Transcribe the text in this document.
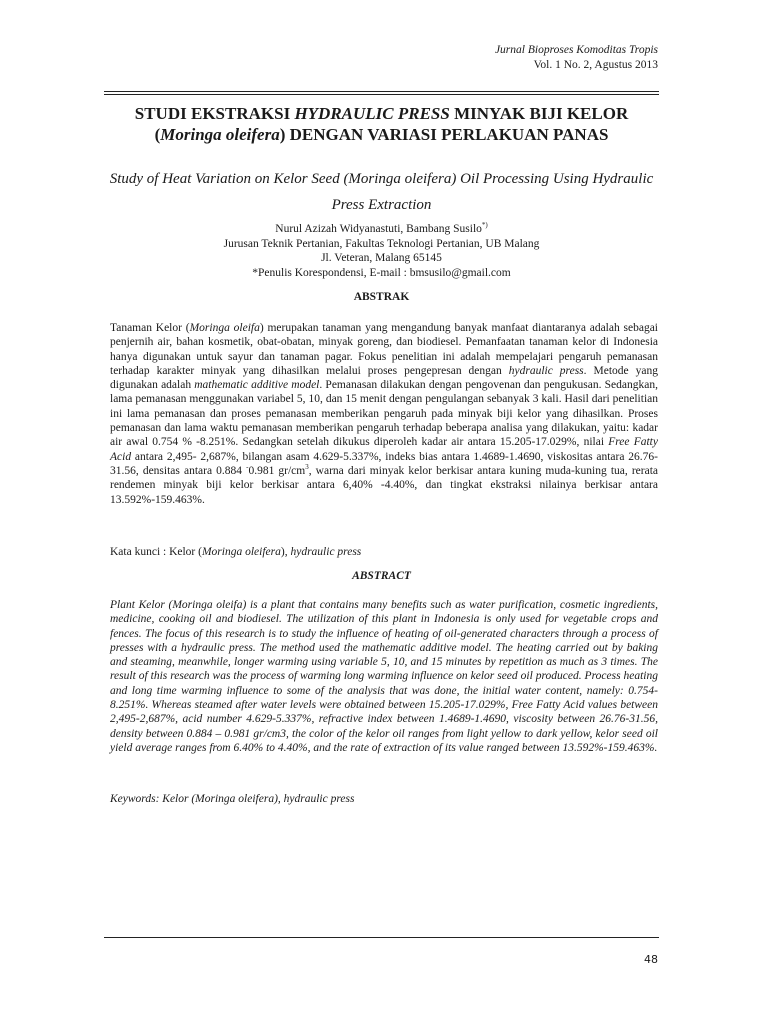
Jurnal Bioproses Komoditas Tropis
Vol. 1 No. 2, Agustus 2013
STUDI EKSTRAKSI HYDRAULIC PRESS MINYAK BIJI KELOR
(Moringa oleifera) DENGAN VARIASI PERLAKUAN PANAS
Study of Heat Variation on Kelor Seed (Moringa oleifera) Oil Processing Using Hydraulic Press Extraction
Nurul Azizah Widyanastuti, Bambang Susilo*)
Jurusan Teknik Pertanian, Fakultas Teknologi Pertanian, UB Malang
Jl. Veteran, Malang 65145
*Penulis Korespondensi, E-mail : bmsusilo@gmail.com
ABSTRAK
Tanaman Kelor (Moringa oleifa) merupakan tanaman yang mengandung banyak manfaat diantaranya adalah sebagai penjernih air, bahan kosmetik, obat-obatan, minyak goreng, dan biodiesel. Pemanfaatan tanaman kelor di Indonesia hanya digunakan untuk sayur dan tanaman pagar. Fokus penelitian ini adalah mempelajari pengaruh pemanasan terhadap karakter minyak yang dihasilkan melalui proses pengepresan dengan hydraulic press. Metode yang digunakan adalah mathematic additive model. Pemanasan dilakukan dengan pengovenan dan pengukusan. Sedangkan, lama pemanasan menggunakan variabel 5, 10, dan 15 menit dengan pengulangan sebanyak 3 kali. Hasil dari penelitian ini lama pemanasan dan proses pemanasan memberikan pengaruh pada minyak biji kelor yang dihasilkan. Proses pemanasan dan lama waktu pemanasan memberikan pengaruh terhadap beberapa analisa yang dilakukan, yaitu: kadar air awal 0.754 % -8.251%. Sedangkan setelah dikukus diperoleh kadar air antara 15.205-17.029%, nilai Free Fatty Acid antara 2,495- 2,687%, bilangan asam 4.629-5.337%, indeks bias antara 1.4689-1.4690, viskositas antara 26.76-31.56, densitas antara 0.884 -0.981 $gr/cm^3$, warna dari minyak kelor berkisar antara kuning muda-kuning tua, rerata rendemen minyak biji kelor berkisar antara 6,40% -4.40%, dan tingkat ekstraksi nilainya berkisar antara 13.592%-159.463%.
Kata kunci : Kelor (Moringa oleifera), hydraulic press
ABSTRACT
Plant Kelor (Moringa oleifa) is a plant that contains many benefits such as water purification, cosmetic ingredients, medicine, cooking oil and biodiesel. The utilization of this plant in Indonesia is only used for vegetable crops and fences. The focus of this research is to study the influence of heating of oil-generated characters through a process of presses with a hydraulic press. The method used the mathematic additive model. The heating carried out by baking and steaming, meanwhile, longer warming using variable 5, 10, and 15 minutes by repetition as much as 3 times. The result of this research was the process of warming long warming influence on kelor seed oil produced. Process heating and long time warming influence to some of the analysis that was done, the initial water content, namely: 0.754-8.251%. Whereas steamed after water levels were obtained between 15.205-17.029%, Free Fatty Acid values between 2,495-2,687%, acid number 4.629-5.337%, refractive index between 1.4689-1.4690, viscosity between 26.76-31.56, density between 0.884 – 0.981 gr/cm3, the color of the kelor oil ranges from light yellow to dark yellow, kelor seed oil yield average ranges from 6.40% to 4.40%, and the rate of extraction of its value ranged between 13.592%-159.463%.
Keywords: Kelor (Moringa oleifera), hydraulic press
48
